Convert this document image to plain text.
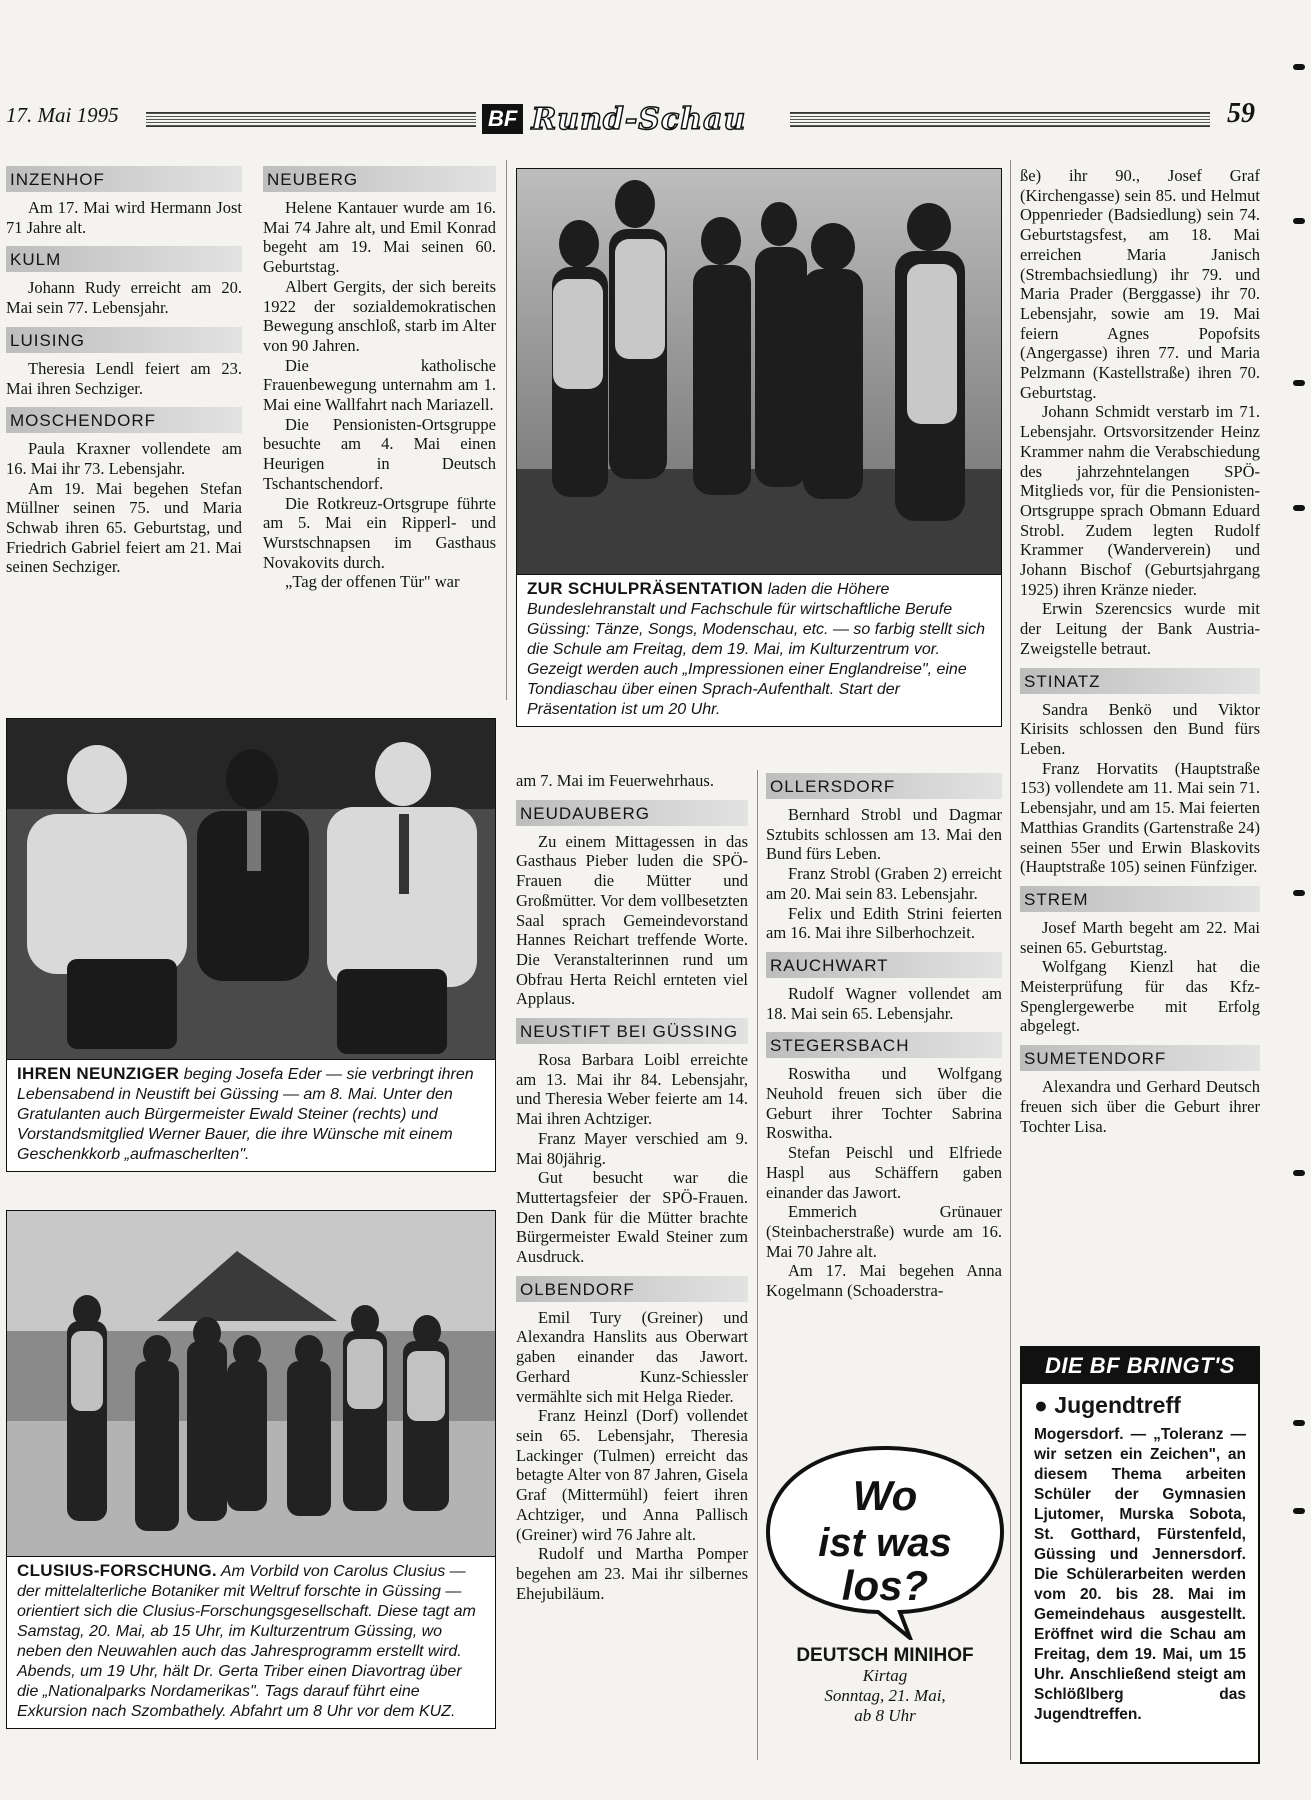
17. Mai 1995	BF Rund-Schau	59
INZENHOF

Am 17. Mai wird Hermann Jost 71 Jahre alt.

KULM

Johann Rudy erreicht am 20. Mai sein 77. Lebensjahr.

LUISING

Theresia Lendl feiert am 23. Mai ihren Sechziger.

MOSCHENDORF

Paula Kraxner vollendete am 16. Mai ihr 73. Lebensjahr.

Am 19. Mai begehen Stefan Müllner seinen 75. und Maria Schwab ihren 65. Geburtstag, und Friedrich Gabriel feiert am 21. Mai seinen Sechziger.

NEUBERG

Helene Kantauer wurde am 16. Mai 74 Jahre alt, und Emil Konrad begeht am 19. Mai seinen 60. Geburtstag.

Albert Gergits, der sich bereits 1922 der sozialdemokratischen Bewegung anschloß, starb im Alter von 90 Jahren.

Die katholische Frauenbewegung unternahm am 1. Mai eine Wallfahrt nach Mariazell.

Die Pensionisten-Ortsgruppe besuchte am 4. Mai einen Heurigen in Deutsch Tschantschendorf.

Die Rotkreuz-Ortsgrupe führte am 5. Mai ein Ripperl- und Wurstschnapsen im Gasthaus Novakovits durch.

„Tag der offenen Tür" war	ZUR SCHULPRÄSENTATION laden die Höhere Bundeslehranstalt und Fachschule für wirtschaftliche Berufe Güssing: Tänze, Songs, Modenschau, etc. — so farbig stellt sich die Schule am Freitag, dem 19. Mai, im Kulturzentrum vor. Gezeigt werden auch „Impressionen einer Englandreise", eine Tondiaschau über einen Sprach-Aufenthalt. Start der Präsentation ist um 20 Uhr.
IHREN NEUNZIGER beging Josefa Eder — sie verbringt ihren Lebensabend in Neustift bei Güssing — am 8. Mai. Unter den Gratulanten auch Bürgermeister Ewald Steiner (rechts) und Vorstandsmitglied Werner Bauer, die ihre Wünsche mit einem Geschenkkorb „aufmascherlten".
CLUSIUS-FORSCHUNG. Am Vorbild von Carolus Clusius — der mittelalterliche Botaniker mit Weltruf forschte in Güssing — orientiert sich die Clusius-Forschungsgesellschaft. Diese tagt am Samstag, 20. Mai, ab 15 Uhr, im Kulturzentrum Güssing, wo neben den Neuwahlen auch das Jahresprogramm erstellt wird. Abends, um 19 Uhr, hält Dr. Gerta Triber einen Diavortrag über die „Nationalparks Nordamerikas". Tags darauf führt eine Exkursion nach Szombathely. Abfahrt um 8 Uhr vor dem KUZ.

am 7. Mai im Feuerwehrhaus.

NEUDAUBERG

Zu einem Mittagessen in das Gasthaus Pieber luden die SPÖ-Frauen die Mütter und Großmütter. Vor dem vollbesetzten Saal sprach Gemeindevorstand Hannes Reichart treffende Worte. Die Veranstalterinnen rund um Obfrau Herta Reichl ernteten viel Applaus.

NEUSTIFT BEI GÜSSING

Rosa Barbara Loibl erreichte am 13. Mai ihr 84. Lebensjahr, und Theresia Weber feierte am 14. Mai ihren Achtziger.

Franz Mayer verschied am 9. Mai 80jährig.

Gut besucht war die Muttertagsfeier der SPÖ-Frauen. Den Dank für die Mütter brachte Bürgermeister Ewald Steiner zum Ausdruck.

OLBENDORF

Emil Tury (Greiner) und Alexandra Hanslits aus Oberwart gaben einander das Jawort. Gerhard Kunz-Schiessler vermählte sich mit Helga Rieder.

Franz Heinzl (Dorf) vollendet sein 65. Lebensjahr, Theresia Lackinger (Tulmen) erreicht das betagte Alter von 87 Jahren, Gisela Graf (Mittermühl) feiert ihren Achtziger, und Anna Pallisch (Greiner) wird 76 Jahre alt.

Rudolf und Martha Pomper begehen am 23. Mai ihr silbernes Ehejubiläum.

OLLERSDORF

Bernhard Strobl und Dagmar Sztubits schlossen am 13. Mai den Bund fürs Leben.

Franz Strobl (Graben 2) erreicht am 20. Mai sein 83. Lebensjahr.

Felix und Edith Strini feierten am 16. Mai ihre Silberhochzeit.

RAUCHWART

Rudolf Wagner vollendet am 18. Mai sein 65. Lebensjahr.

STEGERSBACH

Roswitha und Wolfgang Neuhold freuen sich über die Geburt ihrer Tochter Sabrina Roswitha.

Stefan Peischl und Elfriede Haspl aus Schäffern gaben einander das Jawort.

Emmerich Grünauer (Steinbacherstraße) wurde am 16. Mai 70 Jahre alt.

Am 17. Mai begehen Anna Kogelmann (Schoaderstra-

Wo
ist was
los?
DEUTSCH MINIHOF
Kirtag
Sonntag, 21. Mai,
ab 8 Uhr

ße) ihr 90., Josef Graf (Kirchengasse) sein 85. und Helmut Oppenrieder (Badsiedlung) sein 74. Geburtstagsfest, am 18. Mai erreichen Maria Janisch (Strembachsiedlung) ihr 79. und Maria Prader (Berggasse) ihr 70. Lebensjahr, sowie am 19. Mai feiern Agnes Popofsits (Angergasse) ihren 77. und Maria Pelzmann (Kastellstraße) ihren 70. Geburtstag.

Johann Schmidt verstarb im 71. Lebensjahr. Ortsvorsitzender Heinz Krammer nahm die Verabschiedung des jahrzehntelangen SPÖ-Mitglieds vor, für die Pensionisten-Ortsgruppe sprach Obmann Eduard Strobl. Zudem legten Rudolf Krammer (Wanderverein) und Johann Bischof (Geburtsjahrgang 1925) ihren Kränze nieder.

Erwin Szerencsics wurde mit der Leitung der Bank Austria-Zweigstelle betraut.

STINATZ

Sandra Benkö und Viktor Kirisits schlossen den Bund fürs Leben.

Franz Horvatits (Hauptstraße 153) vollendete am 11. Mai sein 71. Lebensjahr, und am 15. Mai feierten Matthias Grandits (Gartenstraße 24) seinen 55er und Erwin Blaskovits (Hauptstraße 105) seinen Fünfziger.

STREM

Josef Marth begeht am 22. Mai seinen 65. Geburtstag.

Wolfgang Kienzl hat die Meisterprüfung für das Kfz-Spenglergewerbe mit Erfolg abgelegt.

SUMETENDORF

Alexandra und Gerhard Deutsch freuen sich über die Geburt ihrer Tochter Lisa.

DIE BF BRINGT'S
● Jugendtreff
Mogersdorf. — „Toleranz — wir setzen ein Zeichen", an diesem Thema arbeiten Schüler der Gymnasien Ljutomer, Murska Sobota, St. Gotthard, Fürstenfeld, Güssing und Jennersdorf. Die Schülerarbeiten werden vom 20. bis 28. Mai im Gemeindehaus ausgestellt. Eröffnet wird die Schau am Freitag, dem 19. Mai, um 15 Uhr. Anschließend steigt am Schlößlberg das Jugendtreffen.
